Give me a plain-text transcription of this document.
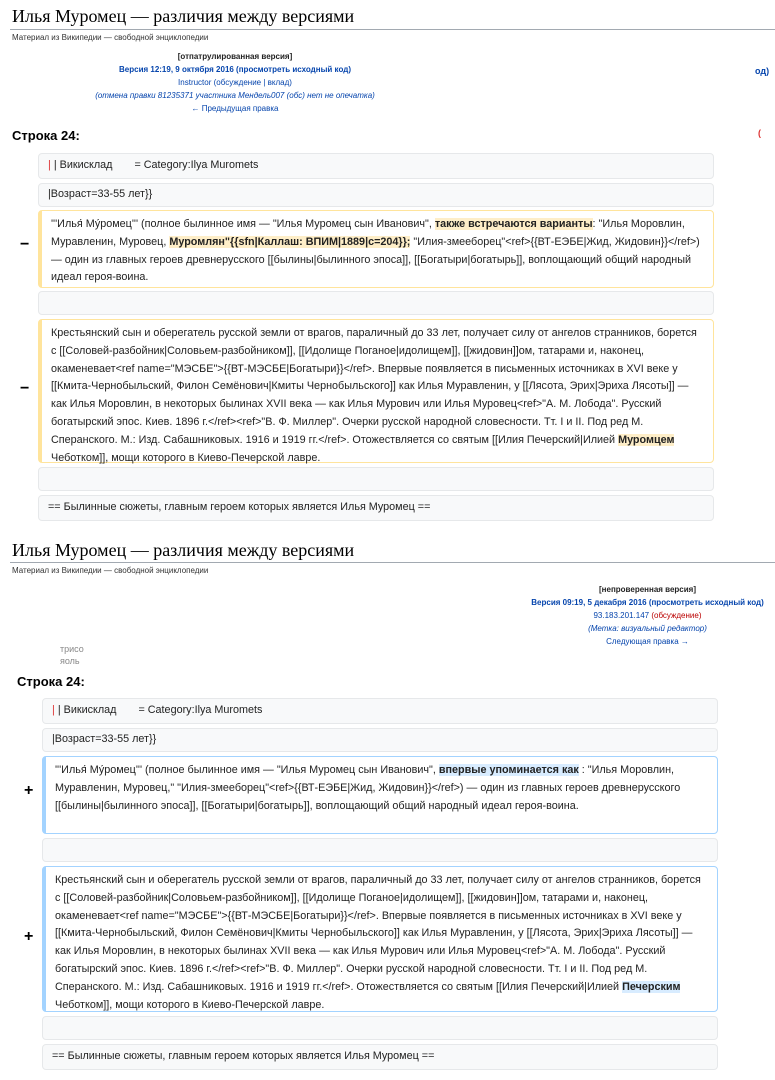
Илья Муромец — различия между версиями
Материал из Википедии — свободной энциклопедии
[отпатрулированная версия]
Версия 12:19, 9 октября 2016 (просмотреть исходный код)
Instructor (обсуждение | вклад)
(отмена правки 81235371 участника Мендель007 (обс) нет не опечатка)
← Предыдущая правка
од)
(
Строка 24:
| | Викисклад = Category:Ilya Muromets
|Возраст=33-55 лет}}
−
'''Илья́ Му́ромец''' (полное былинное имя — "Илья Муромец сын Иванович", также встречаются варианты: "Илья Моровлин, Муравленин, Муровец, Муромлян"{{sfn|Каллаш: ВПИМ|1889|c=204}}; "Илия-змееборец"<ref>{{ВТ-ЕЭБЕ|Жид, Жидовин}}</ref>) — один из главных героев древнерусского [[былины|былинного эпоса]], [[Богатыри|богатырь]], воплощающий общий народный идеал героя-воина.
−
Крестьянский сын и оберегатель русской земли от врагов, параличный до 33 лет, получает силу от ангелов странников, борется с [[Соловей-разбойник|Соловьем-разбойником]], [[Идолище Поганое|идолищем]], [[жидовин]]ом, татарами и, наконец, окаменевает<ref name="МЭСБЕ">{{ВТ-МЭСБЕ|Богатыри}}</ref>. Впервые появляется в письменных источниках в XVI веке у [[Кмита-Чернобыльский, Филон Семёнович|Кмиты Чернобыльского]] как Илья Муравленин, у [[Лясота, Эрих|Эриха Лясоты]] — как Илья Моровлин, в некоторых былинах XVII века — как Илья Мурович или Илья Муровец<ref>"А. М. Лобода". Русский богатырский эпос. Киев. 1896 г.</ref><ref>"В. Ф. Миллер". Очерки русской народной словесности. Тт. I и II. Под ред М. Сперанского. М.: Изд. Сабашниковых. 1916 и 1919 гг.</ref>. Отожествляется со святым [[Илия Печерский|Илией Муромцем Чеботком]], мощи которого в Киево-Печерской лавре.
== Былинные сюжеты, главным героем которых является Илья Муромец ==
Илья Муромец — различия между версиями
Материал из Википедии — свободной энциклопедии
[непроверенная версия]
Версия 09:19, 5 декабря 2016 (просмотреть исходный код)
93.183.201.147 (обсуждение)
(Метка: визуальный редактор)
Следующая правка →
трисо
яоль
Строка 24:
| | Викисклад = Category:Ilya Muromets
|Возраст=33-55 лет}}
+
'''Илья́ Му́ромец''' (полное былинное имя — "Илья Муромец сын Иванович", впервые упоминается как : "Илья Моровлин, Муравленин, Муровец," "Илия-змееборец"<ref>{{ВТ-ЕЭБЕ|Жид, Жидовин}}</ref>) — один из главных героев древнерусского [[былины|былинного эпоса]], [[Богатыри|богатырь]], воплощающий общий народный идеал героя-воина.
+
Крестьянский сын и оберегатель русской земли от врагов, параличный до 33 лет, получает силу от ангелов странников, борется с [[Соловей-разбойник|Соловьем-разбойником]], [[Идолище Поганое|идолищем]], [[жидовин]]ом, татарами и, наконец, окаменевает<ref name="МЭСБЕ">{{ВТ-МЭСБЕ|Богатыри}}</ref>. Впервые появляется в письменных источниках в XVI веке у [[Кмита-Чернобыльский, Филон Семёнович|Кмиты Чернобыльского]] как Илья Муравленин, у [[Лясота, Эрих|Эриха Лясоты]] — как Илья Моровлин, в некоторых былинах XVII века — как Илья Мурович или Илья Муровец<ref>"А. М. Лобода". Русский богатырский эпос. Киев. 1896 г.</ref><ref>"В. Ф. Миллер". Очерки русской народной словесности. Тт. I и II. Под ред М. Сперанского. М.: Изд. Сабашниковых. 1916 и 1919 гг.</ref>. Отожествляется со святым [[Илия Печерский|Илией Печерским Чеботком]], мощи которого в Киево-Печерской лавре.
== Былинные сюжеты, главным героем которых является Илья Муромец ==
